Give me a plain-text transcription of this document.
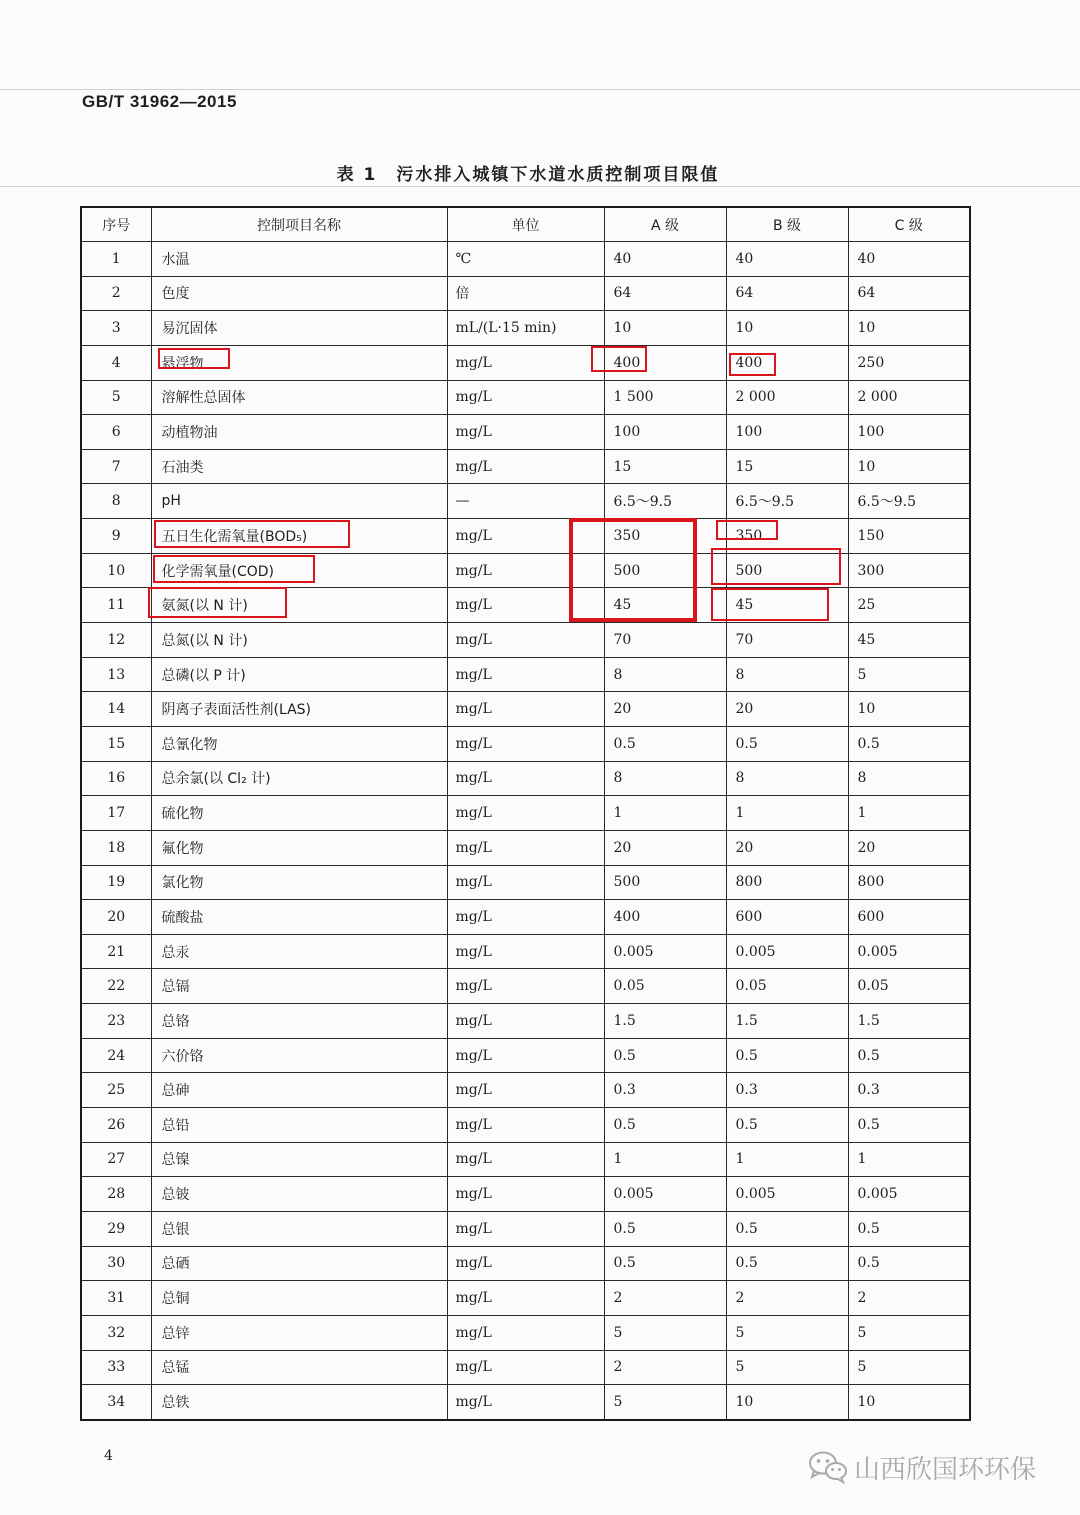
GB/T 31962—2015
表 1　污水排入城镇下水道水质控制项目限值
序号	控制项目名称	单位	A 级	B 级	C 级
1	水温	℃	40	40	40
2	色度	倍	64	64	64
3	易沉固体	mL/(L·15 min)	10	10	10
4	悬浮物	mg/L	400	400	250
5	溶解性总固体	mg/L	1 500	2 000	2 000
6	动植物油	mg/L	100	100	100
7	石油类	mg/L	15	15	10
8	pH	—	6.5～9.5	6.5～9.5	6.5～9.5
9	五日生化需氧量(BOD₅)	mg/L	350	350	150
10	化学需氧量(COD)	mg/L	500	500	300
11	氨氮(以 N 计)	mg/L	45	45	25
12	总氮(以 N 计)	mg/L	70	70	45
13	总磷(以 P 计)	mg/L	8	8	5
14	阴离子表面活性剂(LAS)	mg/L	20	20	10
15	总氰化物	mg/L	0.5	0.5	0.5
16	总余氯(以 Cl₂ 计)	mg/L	8	8	8
17	硫化物	mg/L	1	1	1
18	氟化物	mg/L	20	20	20
19	氯化物	mg/L	500	800	800
20	硫酸盐	mg/L	400	600	600
21	总汞	mg/L	0.005	0.005	0.005
22	总镉	mg/L	0.05	0.05	0.05
23	总铬	mg/L	1.5	1.5	1.5
24	六价铬	mg/L	0.5	0.5	0.5
25	总砷	mg/L	0.3	0.3	0.3
26	总铅	mg/L	0.5	0.5	0.5
27	总镍	mg/L	1	1	1
28	总铍	mg/L	0.005	0.005	0.005
29	总银	mg/L	0.5	0.5	0.5
30	总硒	mg/L	0.5	0.5	0.5
31	总铜	mg/L	2	2	2
32	总锌	mg/L	5	5	5
33	总锰	mg/L	2	5	5
34	总铁	mg/L	5	10	10
4	山西欣国环环保
